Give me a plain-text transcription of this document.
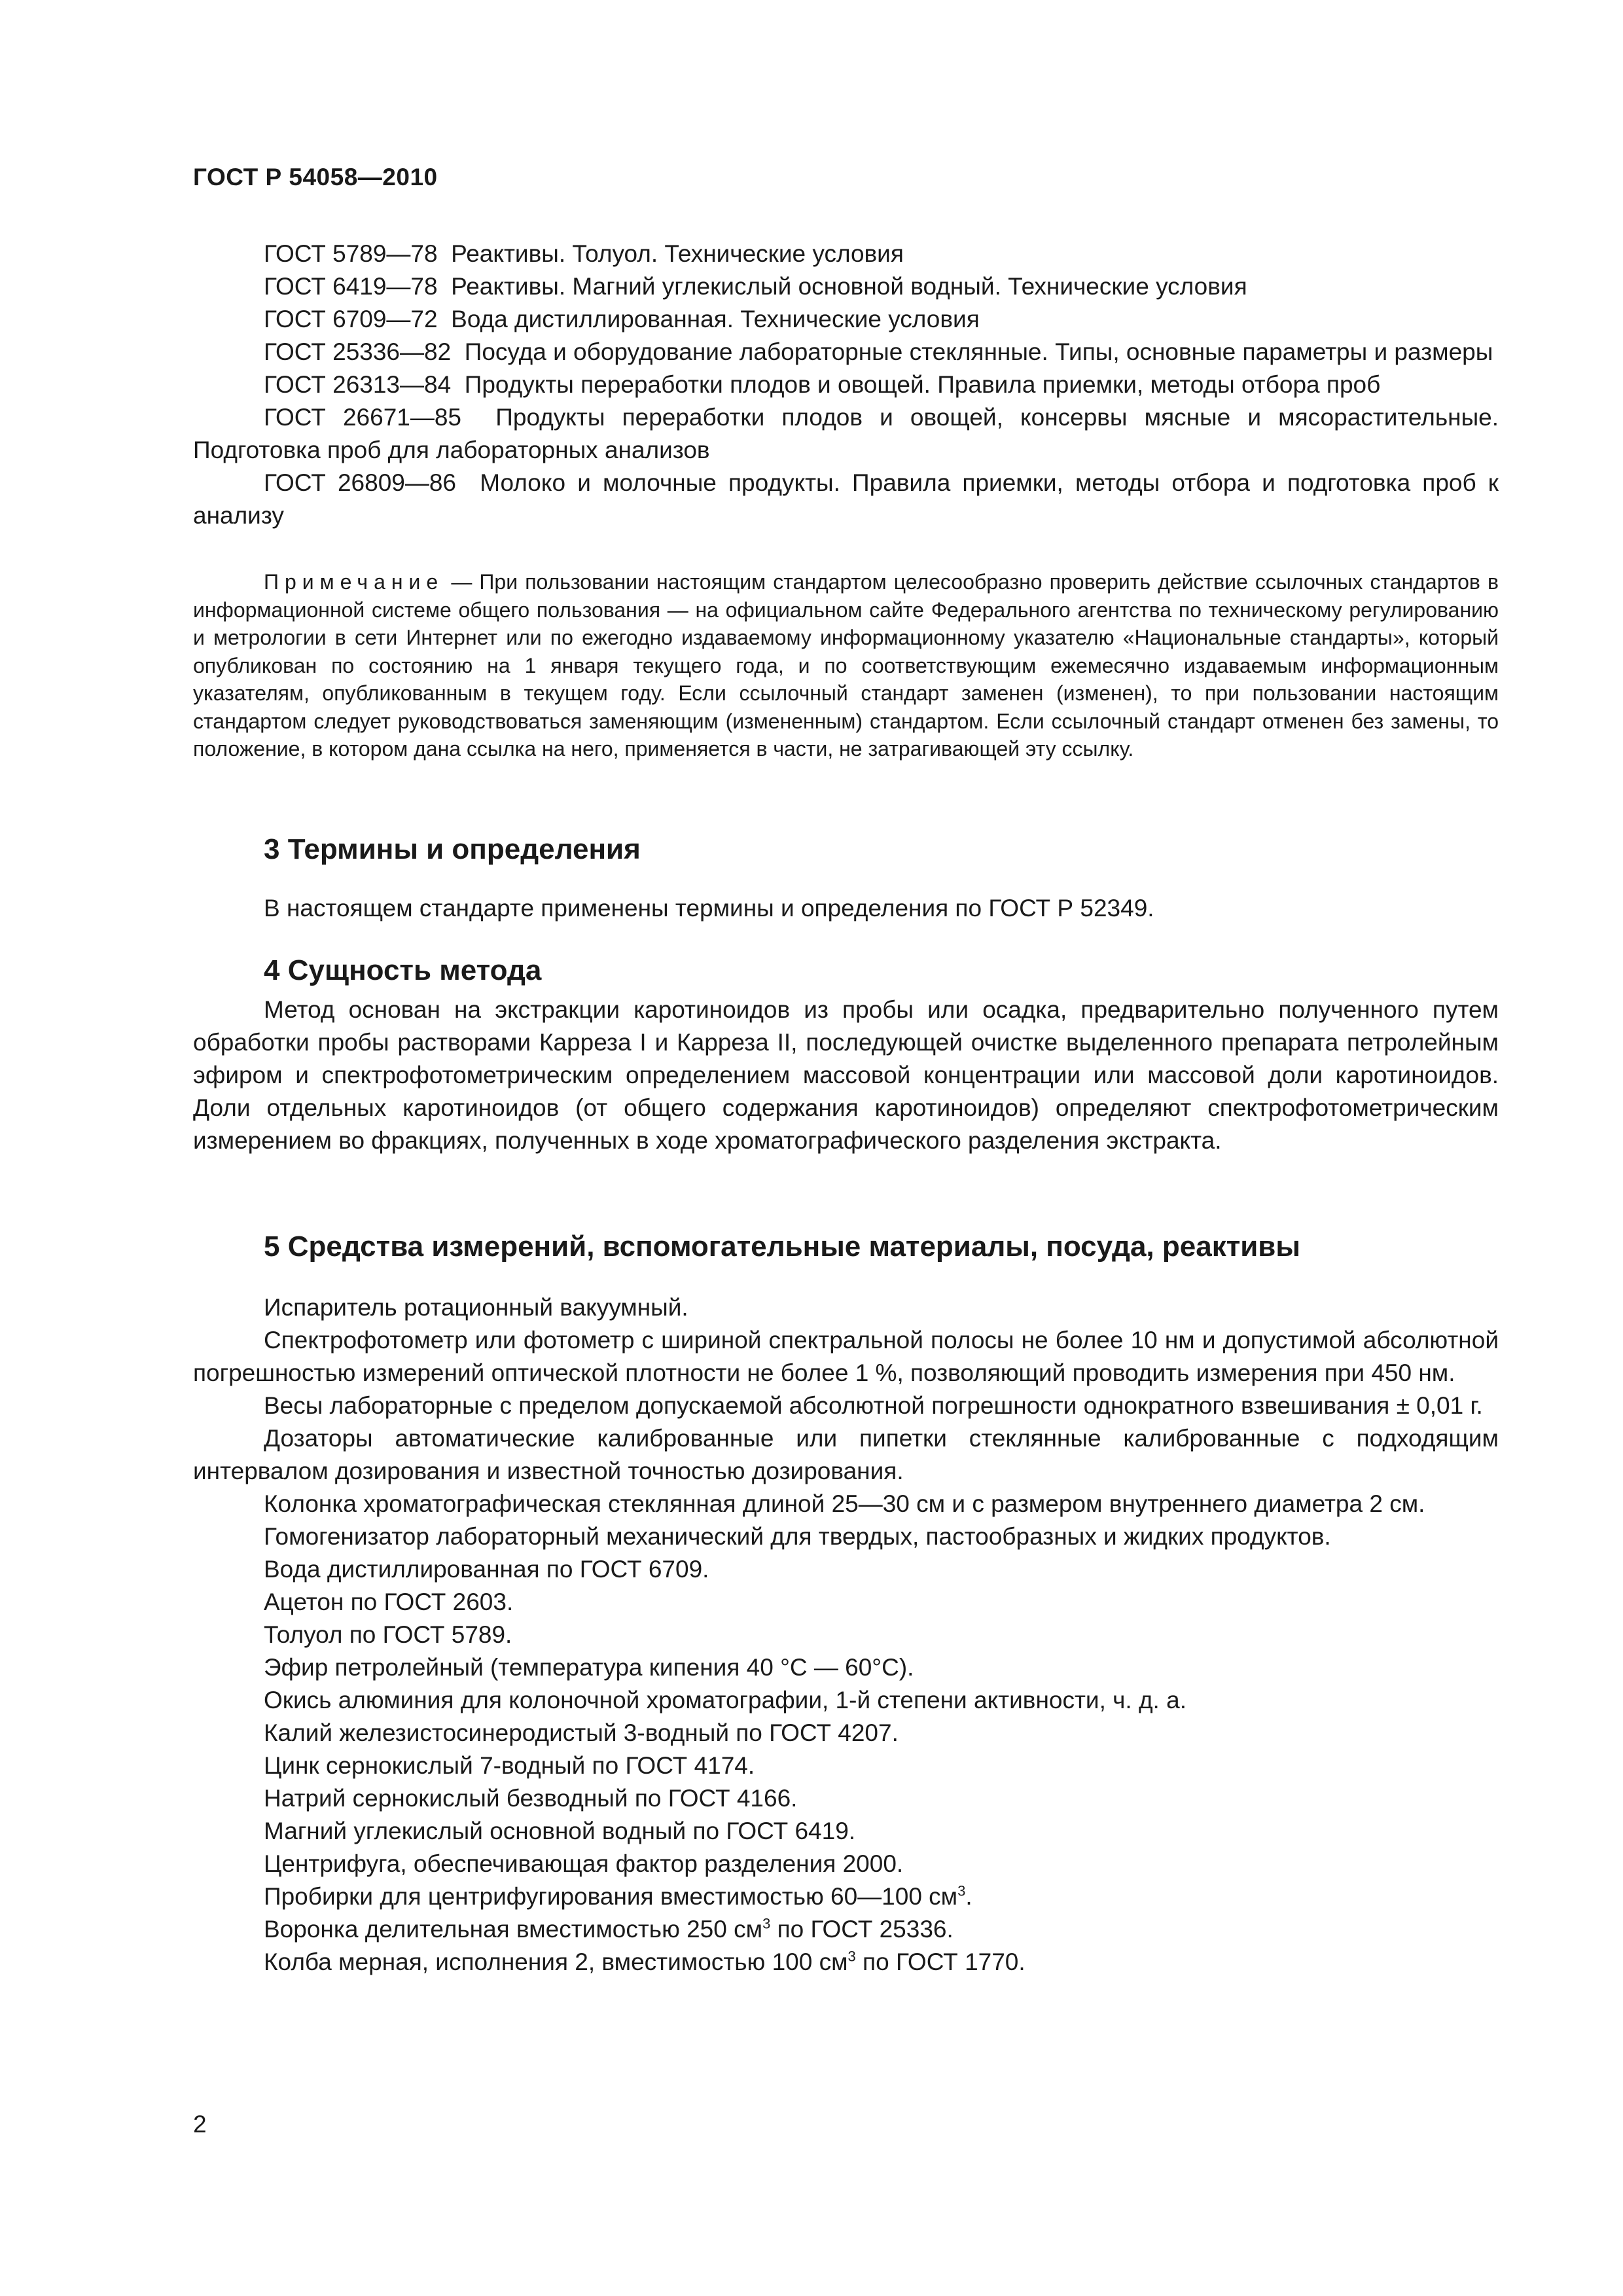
ГОСТ Р 54058—2010

ГОСТ 5789—78 Реактивы. Толуол. Технические условия

ГОСТ 6419—78 Реактивы. Магний углекислый основной водный. Технические условия

ГОСТ 6709—72 Вода дистиллированная. Технические условия

ГОСТ 25336—82 Посуда и оборудование лабораторные стеклянные. Типы, основные параметры и размеры

ГОСТ 26313—84 Продукты переработки плодов и овощей. Правила приемки, методы отбора проб

ГОСТ 26671—85 Продукты переработки плодов и овощей, консервы мясные и мясорастительные. Подготовка проб для лабораторных анализов

ГОСТ 26809—86 Молоко и молочные продукты. Правила приемки, методы отбора и подготовка проб к анализу

Примечание — При пользовании настоящим стандартом целесообразно проверить действие ссылочных стандартов в информационной системе общего пользования — на официальном сайте Федерального агентства по техническому регулированию и метрологии в сети Интернет или по ежегодно издаваемому информационному указателю «Национальные стандарты», который опубликован по состоянию на 1 января текущего года, и по соответствующим ежемесячно издаваемым информационным указателям, опубликованным в текущем году. Если ссылочный стандарт заменен (изменен), то при пользовании настоящим стандартом следует руководствоваться заменяющим (измененным) стандартом. Если ссылочный стандарт отменен без замены, то положение, в котором дана ссылка на него, применяется в части, не затрагивающей эту ссылку.

3 Термины и определения

В настоящем стандарте применены термины и определения по ГОСТ Р 52349.

4 Сущность метода

Метод основан на экстракции каротиноидов из пробы или осадка, предварительно полученного путем обработки пробы растворами Карреза I и Карреза II, последующей очистке выделенного препарата петролейным эфиром и спектрофотометрическим определением массовой концентрации или массовой доли каротиноидов. Доли отдельных каротиноидов (от общего содержания каротиноидов) определяют спектрофотометрическим измерением во фракциях, полученных в ходе хроматографического разделения экстракта.

5 Средства измерений, вспомогательные материалы, посуда, реактивы

Испаритель ротационный вакуумный.

Спектрофотометр или фотометр с шириной спектральной полосы не более 10 нм и допустимой абсолютной погрешностью измерений оптической плотности не более 1 %, позволяющий проводить измерения при 450 нм.

Весы лабораторные с пределом допускаемой абсолютной погрешности однократного взвешивания ± 0,01 г.

Дозаторы автоматические калиброванные или пипетки стеклянные калиброванные с подходящим интервалом дозирования и известной точностью дозирования.

Колонка хроматографическая стеклянная длиной 25—30 см и с размером внутреннего диаметра 2 см.

Гомогенизатор лабораторный механический для твердых, пастообразных и жидких продуктов.

Вода дистиллированная по ГОСТ 6709.

Ацетон по ГОСТ 2603.

Толуол по ГОСТ 5789.

Эфир петролейный (температура кипения 40 °С — 60°С).

Окись алюминия для колоночной хроматографии, 1-й степени активности, ч. д. а.

Калий железистосинеродистый 3-водный по ГОСТ 4207.

Цинк сернокислый 7-водный по ГОСТ 4174.

Натрий сернокислый безводный по ГОСТ 4166.

Магний углекислый основной водный по ГОСТ 6419.

Центрифуга, обеспечивающая фактор разделения 2000.

Пробирки для центрифугирования вместимостью 60—100 $см^3$.

Воронка делительная вместимостью 250 $см^3$ по ГОСТ 25336.

Колба мерная, исполнения 2, вместимостью 100 $см^3$ по ГОСТ 1770.

2
